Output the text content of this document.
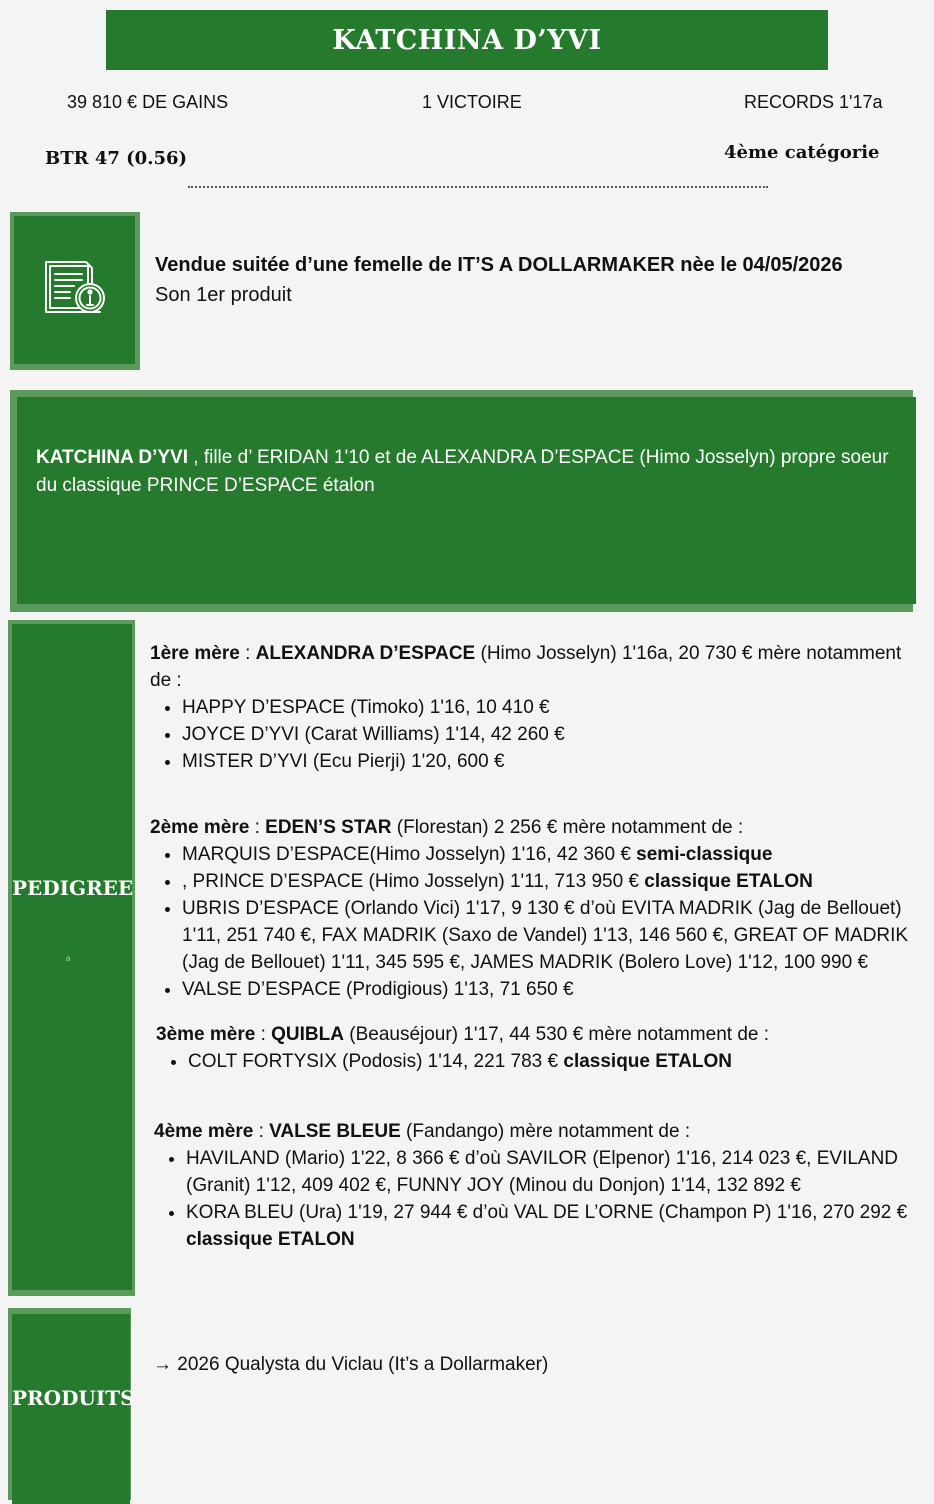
KATCHINA D’YVI
39 810 € DE GAINS	1 VICTOIRE	RECORDS 1'17a
BTR 47 (0.56)	4ème catégorie
Vendue suitée d’une femelle de IT’S A DOLLARMAKER nèe le 04/05/2026
Son 1er produit
KATCHINA D’YVI , fille d’ ERIDAN 1'10 et de ALEXANDRA D’ESPACE (Himo Josselyn) propre soeur du classique PRINCE D’ESPACE étalon
PEDIGREE
a

1ère mère : ALEXANDRA D’ESPACE (Himo Josselyn) 1'16a, 20 730 € mère notamment de :

• HAPPY D’ESPACE (Timoko) 1'16, 10 410 €
• JOYCE D’YVI (Carat Williams) 1'14, 42 260 €
• MISTER D’YVI (Ecu Pierji) 1'20, 600 €

2ème mère : EDEN’S STAR (Florestan) 2 256 € mère notamment de :

• MARQUIS D’ESPACE(Himo Josselyn) 1'16, 42 360 € semi-classique
• , PRINCE D’ESPACE (Himo Josselyn) 1'11, 713 950 € classique ETALON
• UBRIS D’ESPACE (Orlando Vici) 1'17, 9 130 € d’où EVITA MADRIK (Jag de Bellouet) 1'11, 251 740 €, FAX MADRIK (Saxo de Vandel) 1'13, 146 560 €, GREAT OF MADRIK (Jag de Bellouet) 1'11, 345 595 €, JAMES MADRIK (Bolero Love) 1'12, 100 990 €
• VALSE D’ESPACE (Prodigious) 1'13, 71 650 €

3ème mère : QUIBLA (Beauséjour) 1'17, 44 530 € mère notamment de :

• COLT FORTYSIX (Podosis) 1'14, 221 783 € classique ETALON

4ème mère : VALSE BLEUE (Fandango) mère notamment de :

• HAVILAND (Mario) 1'22, 8 366 € d’où SAVILOR (Elpenor) 1'16, 214 023 €, EVILAND (Granit) 1'12, 409 402 €, FUNNY JOY (Minou du Donjon) 1'14, 132 892 €
• KORA BLEU (Ura) 1'19, 27 944 € d’où VAL DE L’ORNE (Champon P) 1'16, 270 292 € classique ETALON
PRODUITS
→ 2026 Qualysta du Viclau (It’s a Dollarmaker)
